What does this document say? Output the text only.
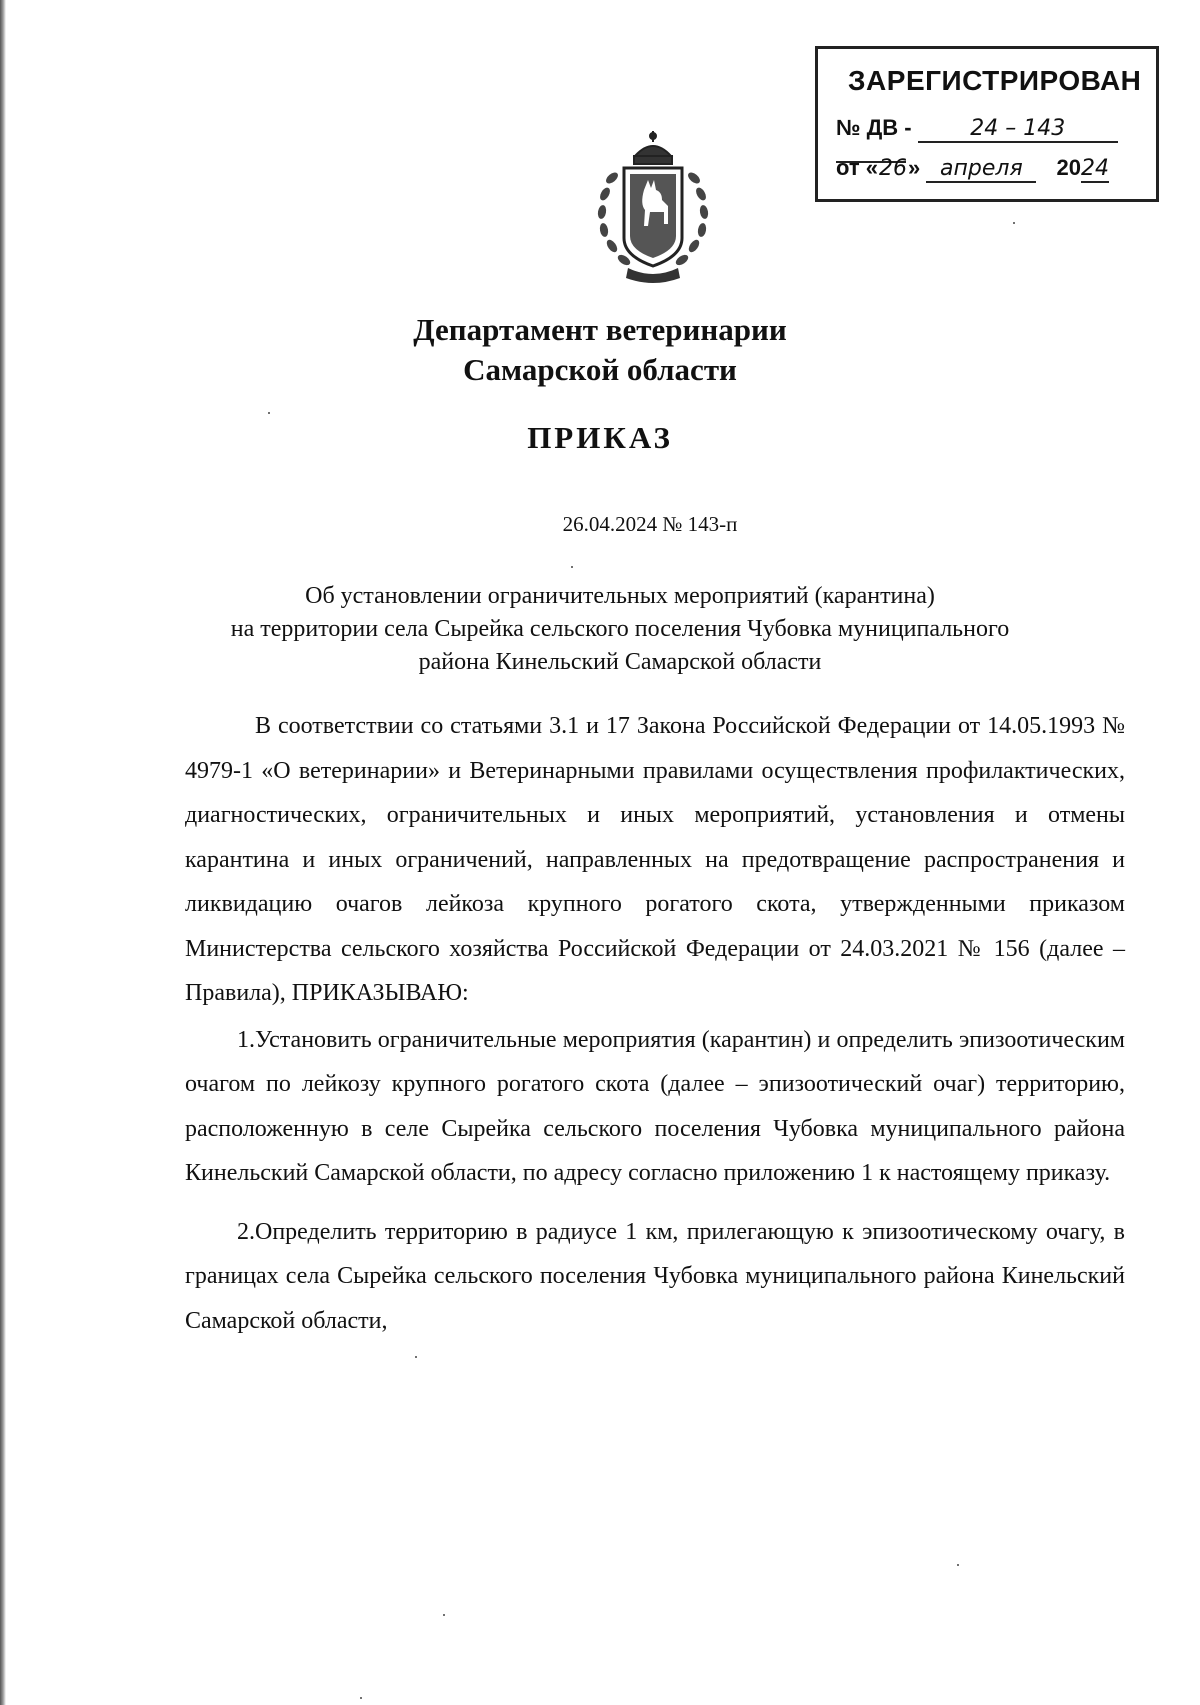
ЗАРЕГИСТРИРОВАН
№ ДВ -	24 – 143
от «26» апреля 2024
Департамент ветеринарии
Самарской области
ПРИКАЗ
26.04.2024 № 143-п
Об установлении ограничительных мероприятий (карантина)
на территории села Сырейка сельского поселения Чубовка муниципального
района Кинельский Самарской области

В соответствии со статьями 3.1 и 17 Закона Российской Федерации от 14.05.1993 № 4979-1 «О ветеринарии» и Ветеринарными правилами осуществления профилактических, диагностических, ограничительных и иных мероприятий, установления и отмены карантина и иных ограничений, направленных на предотвращение распространения и ликвидацию очагов лейкоза крупного рогатого скота, утвержденными приказом Министерства сельского хозяйства Российской Федерации от 24.03.2021 № 156 (далее – Правила), ПРИКАЗЫВАЮ:

1.Установить ограничительные мероприятия (карантин) и определить эпизоотическим очагом по лейкозу крупного рогатого скота (далее – эпизоотический очаг) территорию, расположенную в селе Сырейка сельского поселения Чубовка муниципального района Кинельский Самарской области, по адресу согласно приложению 1 к настоящему приказу.

2.Определить территорию в радиусе 1 км, прилегающую к эпизоотическому очагу, в границах села Сырейка сельского поселения Чубовка муниципального района Кинельский Самарской области,
